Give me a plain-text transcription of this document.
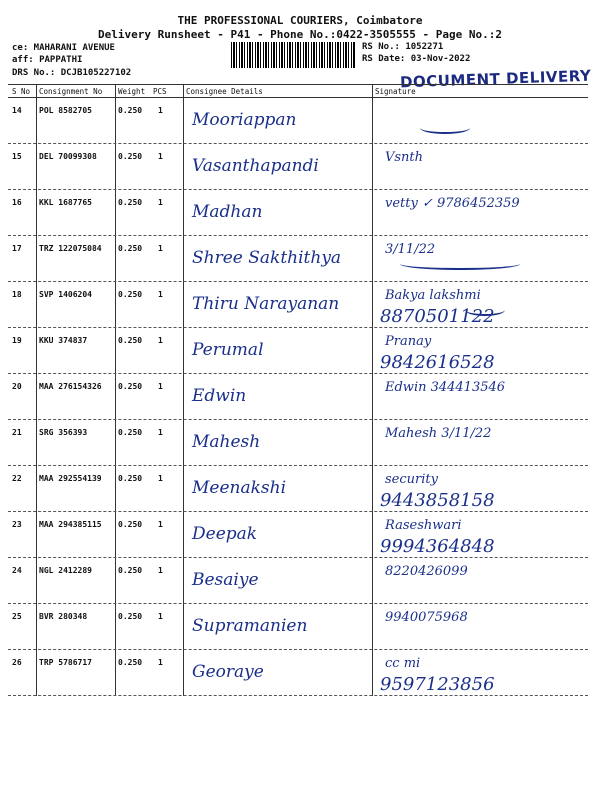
THE PROFESSIONAL COURIERS, Coimbatore
Delivery Runsheet - P41 - Phone No.:0422-3505555 - Page No.:2
ce: MAHARANI AVENUE
aff: PAPPATHI
DRS No.: DCJB105227102
RS No.: 1052271
RS Date: 03-Nov-2022
DOCUMENT DELIVERY
S No Consignment No Weight PCS	Consignee Details	Signature
14 POL 8582705	0.250 1 Mooriappan
15 DEL 70099308	0.250 1 Vasanthapandi	Vsnth
16 KKL 1687765	0.250 1 Madhan	vetty ✓ 9786452359
17 TRZ 122075084 0.250 1 Shree Sakthithya	3/11/22
18 SVP 1406204	0.250 1 Thiru Narayanan	Bakya lakshmi
8870501122
19 KKU 374837	0.250 1 Perumal	Pranay
9842616528
20 MAA 276154326 0.250 1 Edwin	Edwin 344413546
21 SRG 356393	0.250 1 Mahesh	Mahesh 3/11/22
22 MAA 292554139 0.250 1 Meenakshi	security
9443858158
23 MAA 294385115 0.250 1 Deepak	Raseshwari
9994364848
24 NGL 2412289	0.250 1 Besaiye	8220426099
25 BVR 280348	0.250 1 Supramanien	9940075968
26 TRP 5786717	0.250 1 Georaye	cc mi
9597123856
